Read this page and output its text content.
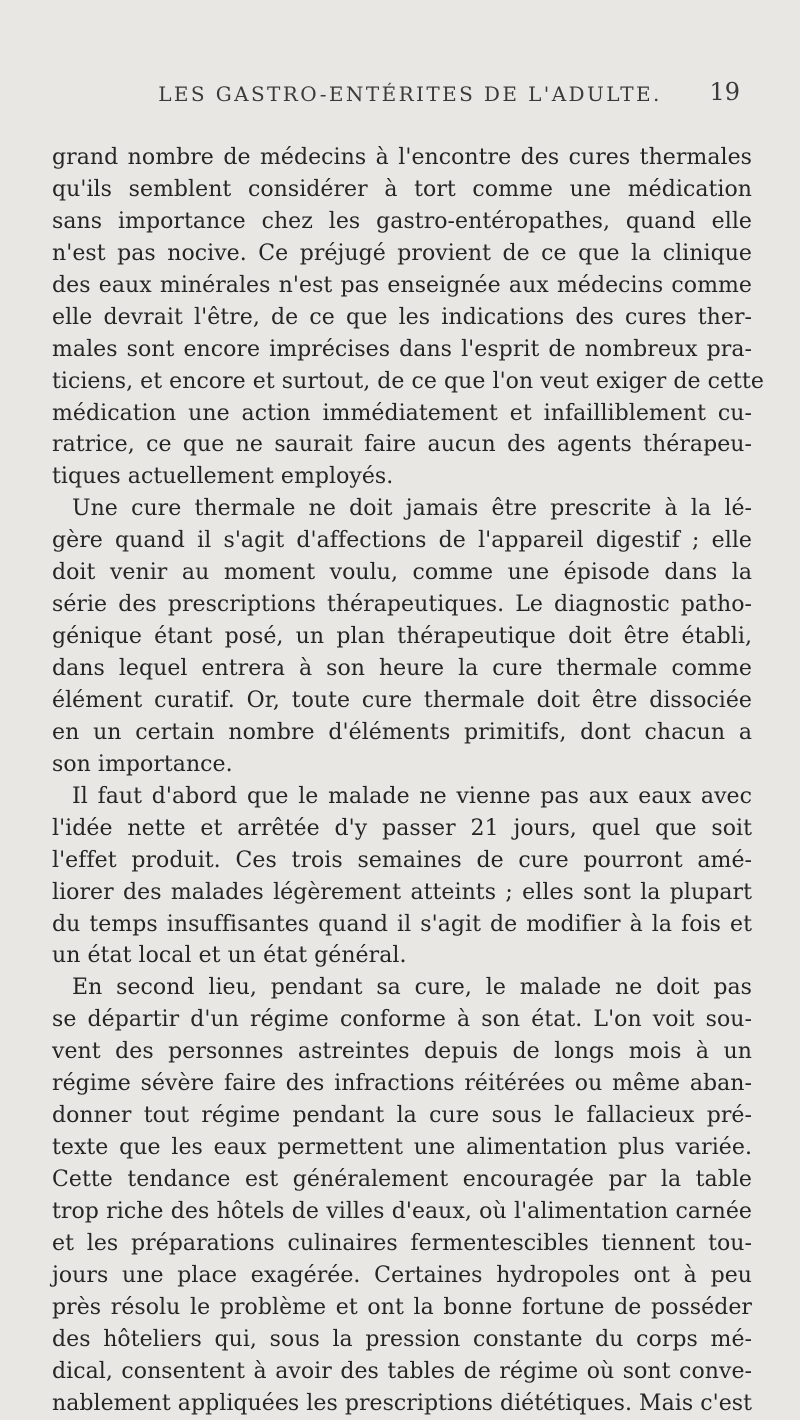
LES GASTRO-ENTÉRITES DE L'ADULTE.	19
grand nombre de médecins à l'encontre des cures thermales
qu'ils semblent considérer à tort comme une médication
sans importance chez les gastro-entéropathes, quand elle
n'est pas nocive. Ce préjugé provient de ce que la clinique
des eaux minérales n'est pas enseignée aux médecins comme
elle devrait l'être, de ce que les indications des cures ther-
males sont encore imprécises dans l'esprit de nombreux pra-
ticiens, et encore et surtout, de ce que l'on veut exiger de cette
médication une action immédiatement et infailliblement cu-
ratrice, ce que ne saurait faire aucun des agents thérapeu-
tiques actuellement employés.
Une cure thermale ne doit jamais être prescrite à la lé-
gère quand il s'agit d'affections de l'appareil digestif ; elle
doit venir au moment voulu, comme une épisode dans la
série des prescriptions thérapeutiques. Le diagnostic patho-
génique étant posé, un plan thérapeutique doit être établi,
dans lequel entrera à son heure la cure thermale comme
élément curatif. Or, toute cure thermale doit être dissociée
en un certain nombre d'éléments primitifs, dont chacun a
son importance.
Il faut d'abord que le malade ne vienne pas aux eaux avec
l'idée nette et arrêtée d'y passer 21 jours, quel que soit
l'effet produit. Ces trois semaines de cure pourront amé-
liorer des malades légèrement atteints ; elles sont la plupart
du temps insuffisantes quand il s'agit de modifier à la fois et
un état local et un état général.
En second lieu, pendant sa cure, le malade ne doit pas
se départir d'un régime conforme à son état. L'on voit sou-
vent des personnes astreintes depuis de longs mois à un
régime sévère faire des infractions réitérées ou même aban-
donner tout régime pendant la cure sous le fallacieux pré-
texte que les eaux permettent une alimentation plus variée.
Cette tendance est généralement encouragée par la table
trop riche des hôtels de villes d'eaux, où l'alimentation carnée
et les préparations culinaires fermentescibles tiennent tou-
jours une place exagérée. Certaines hydropoles ont à peu
près résolu le problème et ont la bonne fortune de posséder
des hôteliers qui, sous la pression constante du corps mé-
dical, consentent à avoir des tables de régime où sont conve-
nablement appliquées les prescriptions diététiques. Mais c'est
